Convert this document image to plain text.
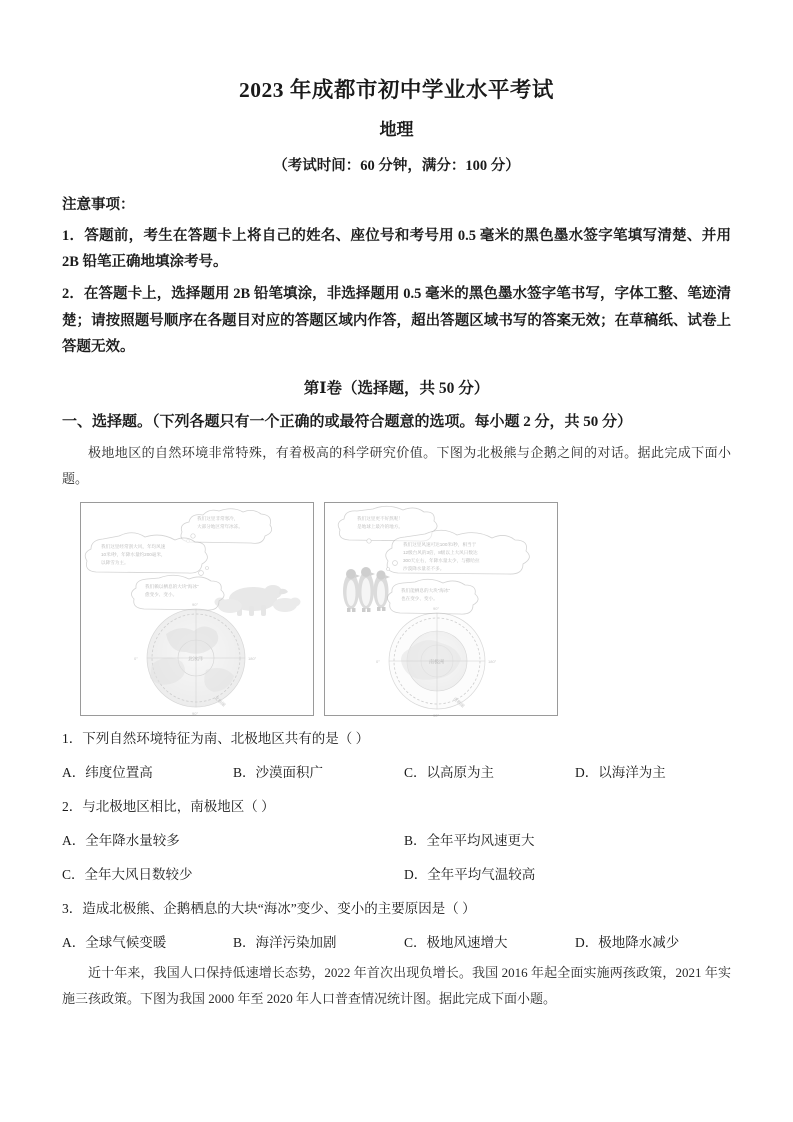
2023 年成都市初中学业水平考试
地理
（考试时间：60 分钟，满分：100 分）
注意事项：

1．答题前，考生在答题卡上将自己的姓名、座位号和考号用 0.5 毫米的黑色墨水签字笔填写清楚、并用 2B 铅笔正确地填涂考号。

2．在答题卡上，选择题用 2B 铅笔填涂，非选择题用 0.5 毫米的黑色墨水签字笔书写，字体工整、笔迹清楚；请按照题号顺序在各题目对应的答题区域内作答，超出答题区域书写的答案无效；在草稿纸、试卷上答题无效。

第Ⅰ卷（选择题，共 50 分）
一、选择题。（下列各题只有一个正确的或最符合题意的选项。每小题 2 分，共 50 分）

极地地区的自然环境非常特殊，有着极高的科学研究价值。下图为北极熊与企鹅之间的对话。据此完成下面小题。

我们这里非常寒冷，
大部分地区常年冰冻。
我们这里经常刮大风，年均风速
10米/秒，年降水量约200毫米，
以降雪为主。
我们赖以栖息的大块“海冰”
愈变少、变小。
北冰洋
90°
90°
0°	180°
北极圈
我们这里更不好熬呢！
是地球上最冷的地方。
我们这里风速可达100米/秒，相当于
12级台风的3倍，8级以上大风日数达
300天左右，年降水量太少，与撒哈拉
沙漠降水量差不多。
我们能栖息的大块“海冰”
也在变少、变小。
南极洲
90°
90°
0°	180°
南极圈
1．下列自然环境特征为南、北极地区共有的是（ ）
A．纬度位置高	B．沙漠面积广	C．以高原为主	D．以海洋为主
2．与北极地区相比，南极地区（ ）
A．全年降水量较多	B．全年平均风速更大
C．全年大风日数较少	D．全年平均气温较高
3．造成北极熊、企鹅栖息的大块“海冰”变少、变小的主要原因是（ ）
A．全球气候变暖	B．海洋污染加剧	C．极地风速增大	D．极地降水减少

近十年来，我国人口保持低速增长态势，2022 年首次出现负增长。我国 2016 年起全面实施两孩政策，2021 年实施三孩政策。下图为我国 2000 年至 2020 年人口普查情况统计图。据此完成下面小题。
